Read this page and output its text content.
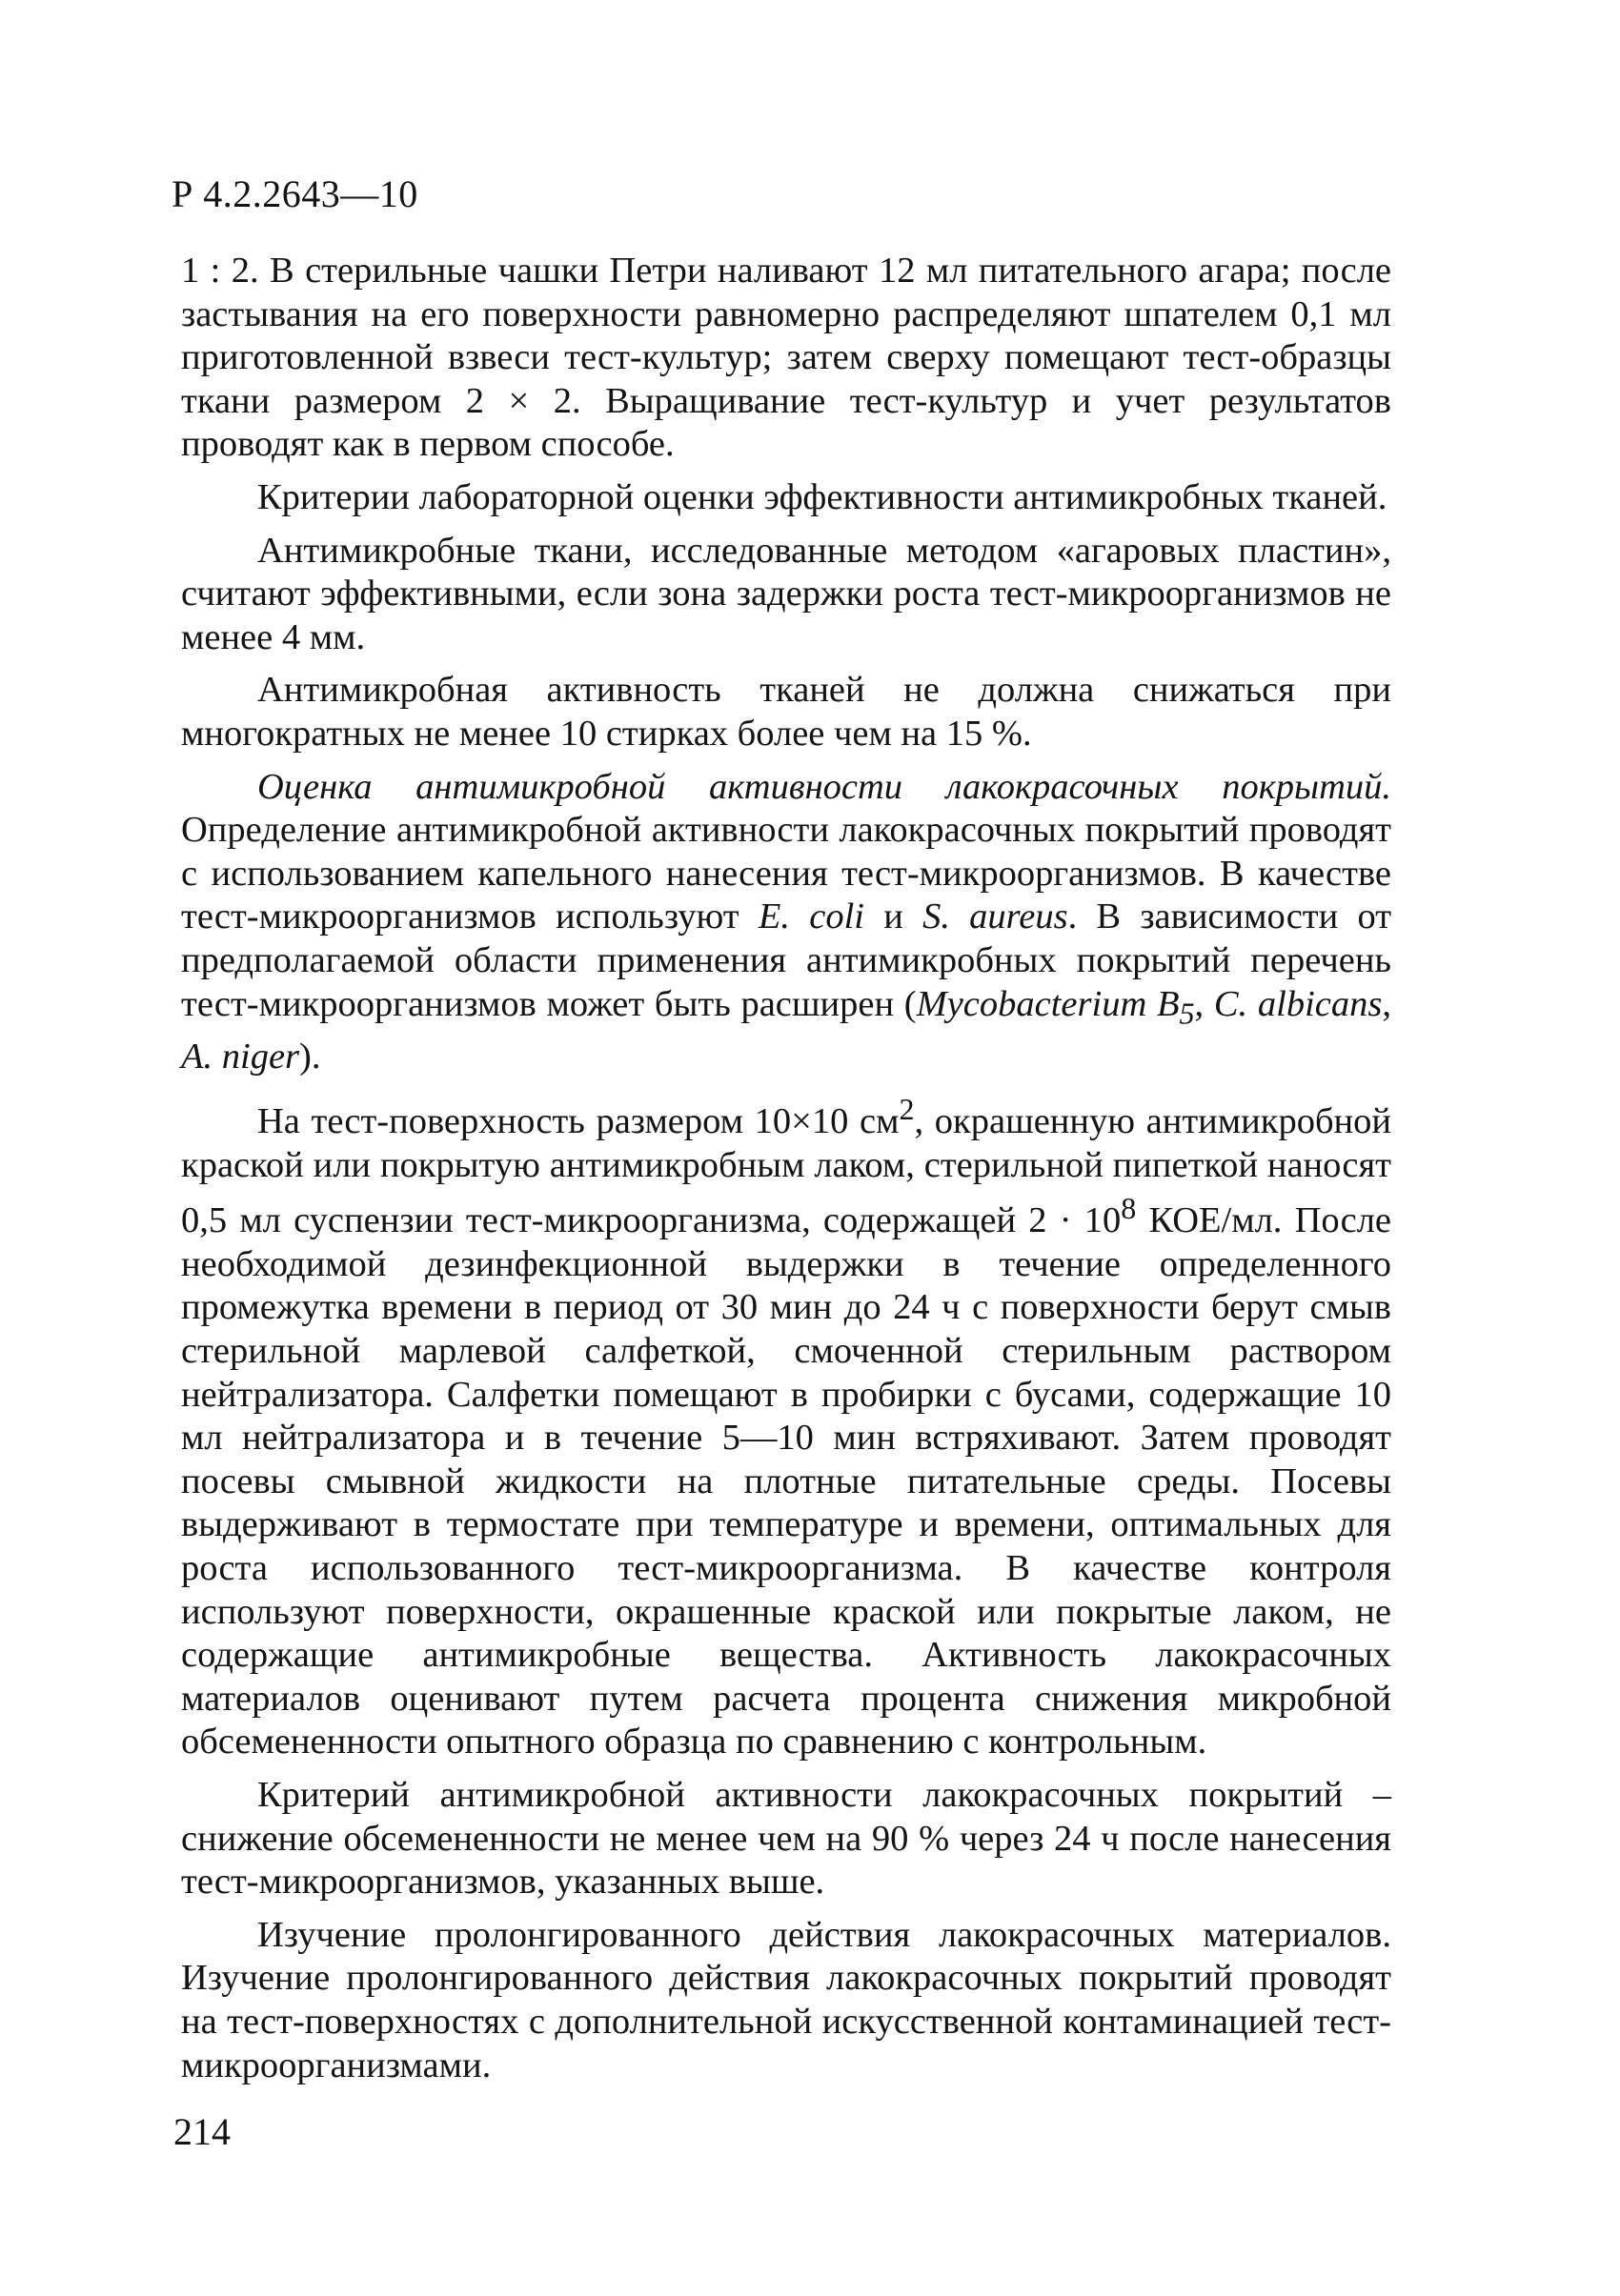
Р 4.2.2643—10

1 : 2. В стерильные чашки Петри наливают 12 мл питательного агара; после застывания на его поверхности равномерно распределяют шпателем 0,1 мл приготовленной взвеси тест-культур; затем сверху помещают тест-образцы ткани размером 2 × 2. Выращивание тест-культур и учет результатов проводят как в первом способе.

Критерии лабораторной оценки эффективности антимикробных тканей.

Антимикробные ткани, исследованные методом «агаровых пластин», считают эффективными, если зона задержки роста тест-микроорганизмов не менее 4 мм.

Антимикробная активность тканей не должна снижаться при многократных не менее 10 стирках более чем на 15 %.

Оценка антимикробной активности лакокрасочных покрытий. Определение антимикробной активности лакокрасочных покрытий проводят с использованием капельного нанесения тест-микроорганизмов. В качестве тест-микроорганизмов используют E. coli и S. aureus. В зависимости от предполагаемой области применения антимикробных покрытий перечень тест-микроорганизмов может быть расширен (Mycobacterium $B_5$, C. albicans, A. niger).

На тест-поверхность размером 10×10 $см^2$, окрашенную антимикробной краской или покрытую антимикробным лаком, стерильной пипеткой наносят 0,5 мл суспензии тест-микроорганизма, содержащей $2 \cdot 10^8$ КОЕ/мл. После необходимой дезинфекционной выдержки в течение определенного промежутка времени в период от 30 мин до 24 ч с поверхности берут смыв стерильной марлевой салфеткой, смоченной стерильным раствором нейтрализатора. Салфетки помещают в пробирки с бусами, содержащие 10 мл нейтрализатора и в течение 5—10 мин встряхивают. Затем проводят посевы смывной жидкости на плотные питательные среды. Посевы выдерживают в термостате при температуре и времени, оптимальных для роста использованного тест-микроорганизма. В качестве контроля используют поверхности, окрашенные краской или покрытые лаком, не содержащие антимикробные вещества. Активность лакокрасочных материалов оценивают путем расчета процента снижения микробной обсемененности опытного образца по сравнению с контрольным.

Критерий антимикробной активности лакокрасочных покрытий – снижение обсемененности не менее чем на 90 % через 24 ч после нанесения тест-микроорганизмов, указанных выше.

Изучение пролонгированного действия лакокрасочных материалов. Изучение пролонгированного действия лакокрасочных покрытий проводят на тест-поверхностях с дополнительной искусственной контаминацией тест-микроорганизмами.

214
